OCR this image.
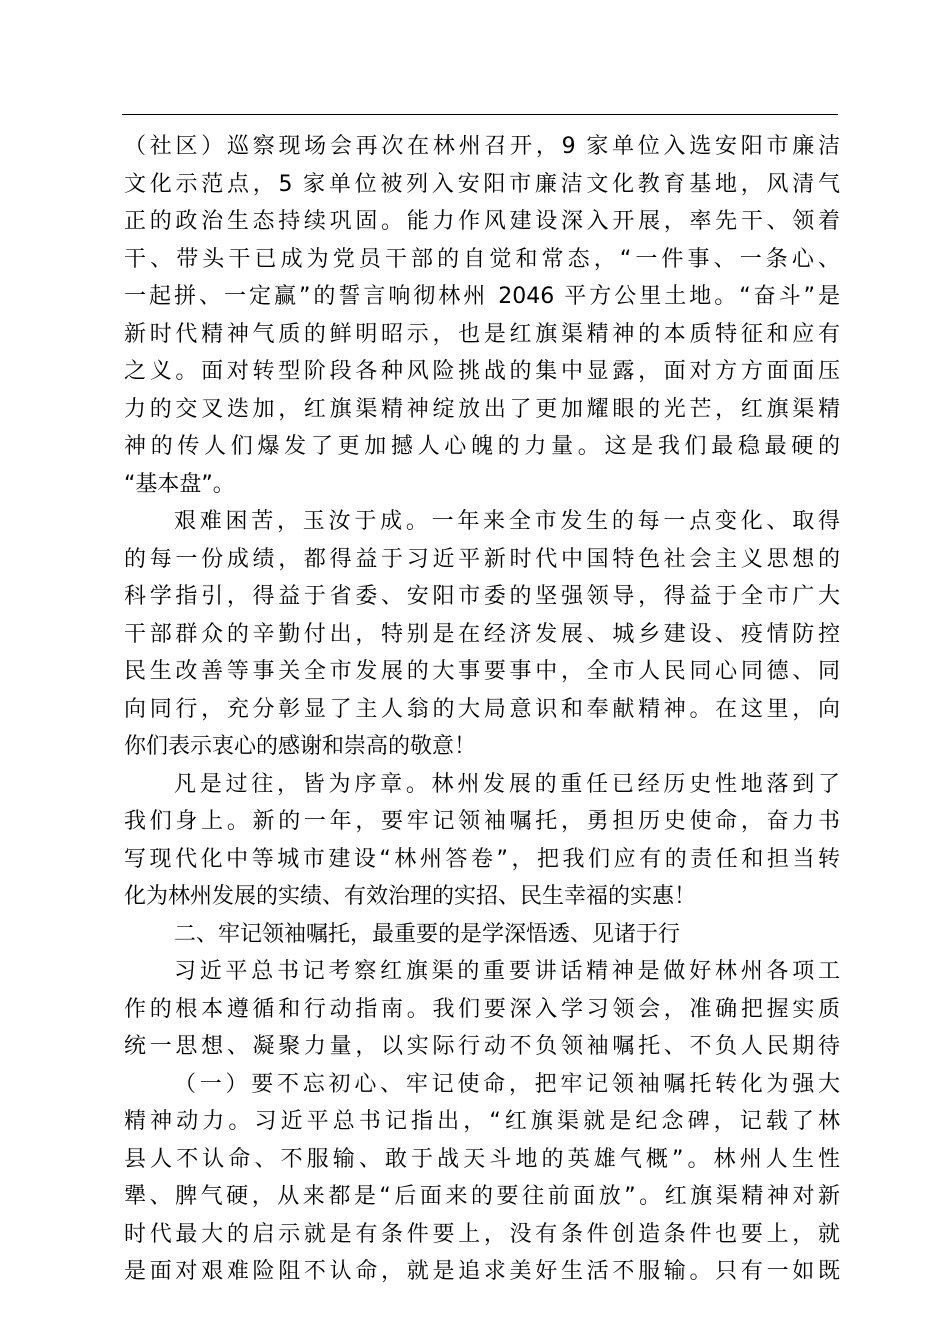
（社区）巡察现场会再次在林州召开，9 家单位入选安阳市廉洁
文化示范点，5 家单位被列入安阳市廉洁文化教育基地，风清气
正的政治生态持续巩固。能力作风建设深入开展，率先干、领着
干、带头干已成为党员干部的自觉和常态，“一件事、一条心、
一起拼、一定赢”的誓言响彻林州 2046 平方公里土地。“奋斗”是
新时代精神气质的鲜明昭示，也是红旗渠精神的本质特征和应有
之义。面对转型阶段各种风险挑战的集中显露，面对方方面面压
力的交叉迭加，红旗渠精神绽放出了更加耀眼的光芒，红旗渠精
神的传人们爆发了更加撼人心魄的力量。这是我们最稳最硬的
“基本盘”。
艰难困苦，玉汝于成。一年来全市发生的每一点变化、取得
的每一份成绩，都得益于习近平新时代中国特色社会主义思想的
科学指引，得益于省委、安阳市委的坚强领导，得益于全市广大
干部群众的辛勤付出，特别是在经济发展、城乡建设、疫情防控
民生改善等事关全市发展的大事要事中，全市人民同心同德、同
向同行，充分彰显了主人翁的大局意识和奉献精神。在这里，向
你们表示衷心的感谢和崇高的敬意！
凡是过往，皆为序章。林州发展的重任已经历史性地落到了
我们身上。新的一年，要牢记领袖嘱托，勇担历史使命，奋力书
写现代化中等城市建设“林州答卷”，把我们应有的责任和担当转
化为林州发展的实绩、有效治理的实招、民生幸福的实惠！
二、牢记领袖嘱托，最重要的是学深悟透、见诸于行
习近平总书记考察红旗渠的重要讲话精神是做好林州各项工
作的根本遵循和行动指南。我们要深入学习领会，准确把握实质
统一思想、凝聚力量，以实际行动不负领袖嘱托、不负人民期待
（一）要不忘初心、牢记使命，把牢记领袖嘱托转化为强大
精神动力。习近平总书记指出，“红旗渠就是纪念碑，记载了林
县人不认命、不服输、敢于战天斗地的英雄气概”。林州人生性
犟、脾气硬，从来都是“后面来的要往前面放”。红旗渠精神对新
时代最大的启示就是有条件要上，没有条件创造条件也要上，就
是面对艰难险阻不认命，就是追求美好生活不服输。只有一如既
